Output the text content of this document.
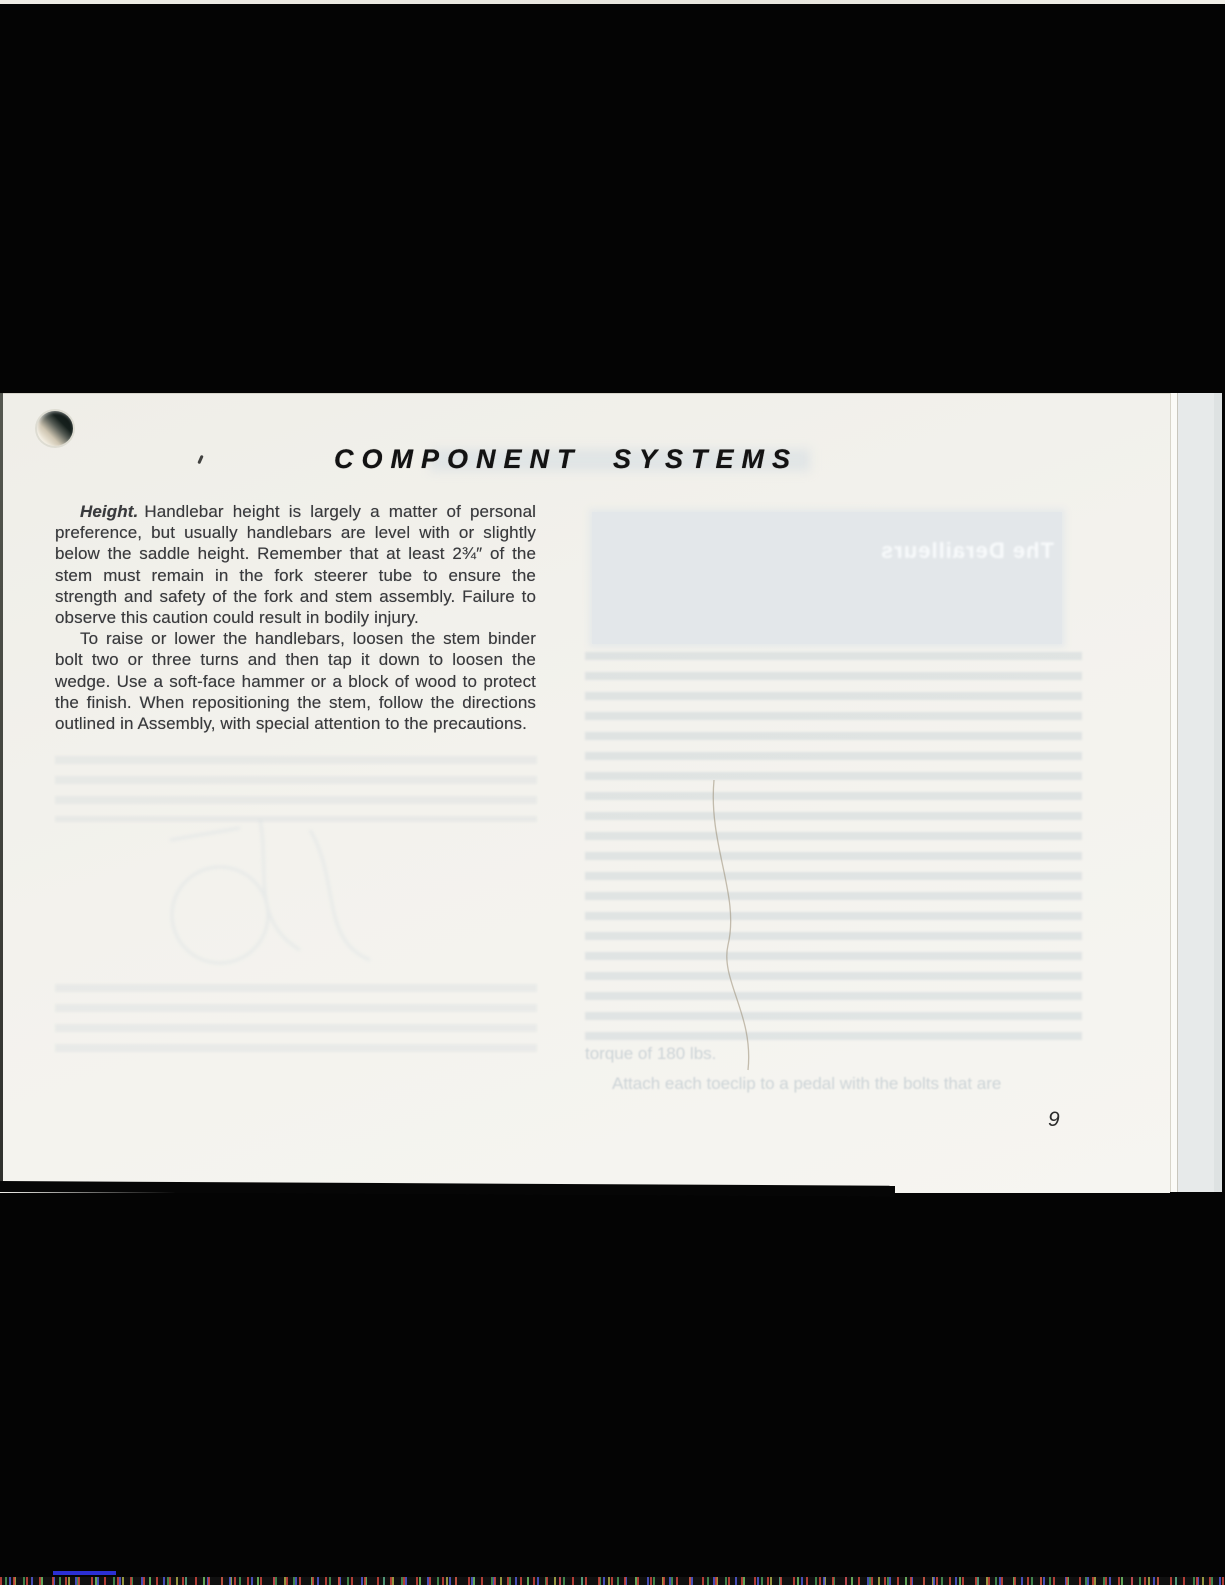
COMPONENT SYSTEMS

Height. Handlebar height is largely a matter of personal preference, but usually handlebars are level with or slightly below the saddle height. Remember that at least 2¾″ of the stem must remain in the fork steerer tube to ensure the strength and safety of the fork and stem assembly. Failure to observe this caution could result in bodily injury.

To raise or lower the handlebars, loosen the stem binder bolt two or three turns and then tap it down to loosen the wedge. Use a soft-face hammer or a block of wood to protect the finish. When repositioning the stem, follow the directions outlined in Assembly, with special attention to the precautions.

The Derailleurs
torque of 180 lbs.
Attach each toeclip to a pedal with the bolts that are
9
